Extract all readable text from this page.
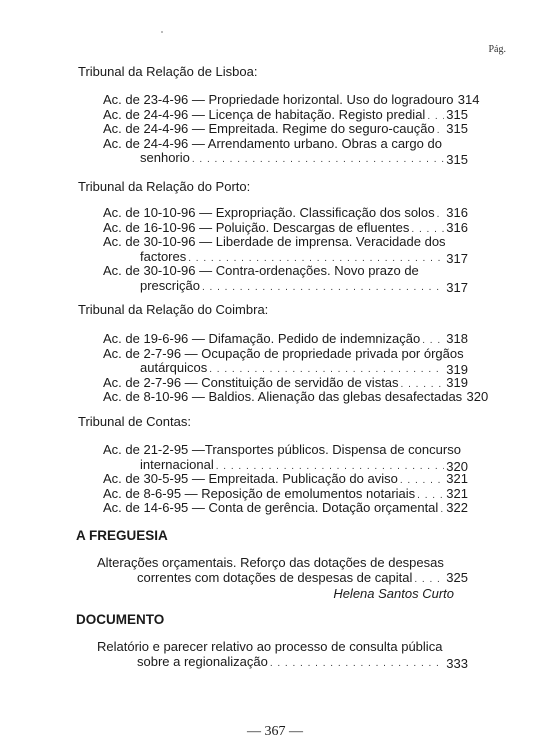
Pág.
Tribunal da Relação de Lisboa:
Ac. de 23-4-96 — Propriedade horizontal. Uso do logradouro 314
Ac. de 24-4-96 — Licença de habitação. Registo predial . . . 315
Ac. de 24-4-96 — Empreitada. Regime do seguro-caução . . . 315
Ac. de 24-4-96 — Arrendamento urbano. Obras a cargo do
senhorio . . .	315
Tribunal da Relação do Porto:
Ac. de 10-10-96 — Expropriação. Classificação dos solos . . . 316
Ac. de 16-10-96 — Poluição. Descargas de efluentes . . .	316
Ac. de 30-10-96 — Liberdade de imprensa. Veracidade dos
factores . . .	317
Ac. de 30-10-96 — Contra-ordenações. Novo prazo de
prescrição . . .	317
Tribunal da Relação do Coimbra:
Ac. de 19-6-96 — Difamação. Pedido de indemnização . . . 318
Ac. de 2-7-96 — Ocupação de propriedade privada por órgãos
autárquicos . . .	319
Ac. de 2-7-96 — Constituição de servidão de vistas . . .	319
Ac. de 8-10-96 — Baldios. Alienação das glebas desafectadas 320
Tribunal de Contas:
Ac. de 21-2-95 —Transportes públicos. Dispensa de concurso
internacional . . .	320
Ac. de 30-5-95 — Empreitada. Publicação do aviso . . .	321
Ac. de 8-6-95 — Reposição de emolumentos notariais . . . 321
Ac. de 14-6-95 — Conta de gerência. Dotação orçamental . . . 322
A FREGUESIA
Alterações orçamentais. Reforço das dotações de despesas
correntes com dotações de despesas de capital . . .	325
Helena Santos Curto
DOCUMENTO
Relatório e parecer relativo ao processo de consulta pública
sobre a regionalização . . .	333
— 367 —
